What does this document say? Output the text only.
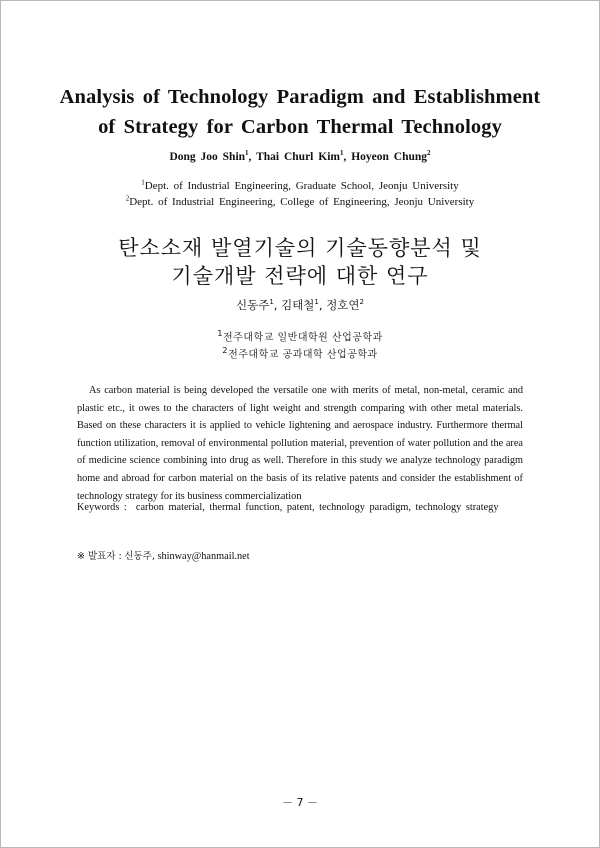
Analysis of Technology Paradigm and Establishment
of Strategy for Carbon Thermal Technology
Dong Joo Shin$^1$, Thai Churl Kim$^1$, Hoyeon Chung$^2$
$^1$Dept. of Industrial Engineering, Graduate School, Jeonju University
$^2$Dept. of Industrial Engineering, College of Engineering, Jeonju University
탄소소재 발열기술의 기술동향분석 및
기술개발 전략에 대한 연구
신동주$^1$, 김태철$^1$, 정호연$^2$
$^1$전주대학교 일반대학원 산업공학과
$^2$전주대학교 공과대학 산업공학과
As carbon material is being developed the versatile one with merits of metal, non-metal, ceramic and plastic etc., it owes to the characters of light weight and strength comparing with other metal materials. Based on these characters it is applied to vehicle lightening and aerospace industry. Furthermore thermal function utilization, removal of environmental pollution material, prevention of water pollution and the area of medicine science combining into drug as well. Therefore in this study we analyze technology paradigm home and abroad for carbon material on the basis of its relative patents and consider the establishment of technology strategy for its business commercialization
Keywords : carbon material, thermal function, patent, technology paradigm, technology strategy
※ 발표자 : 신동주, shinway@hanmail.net
－ 7 －
